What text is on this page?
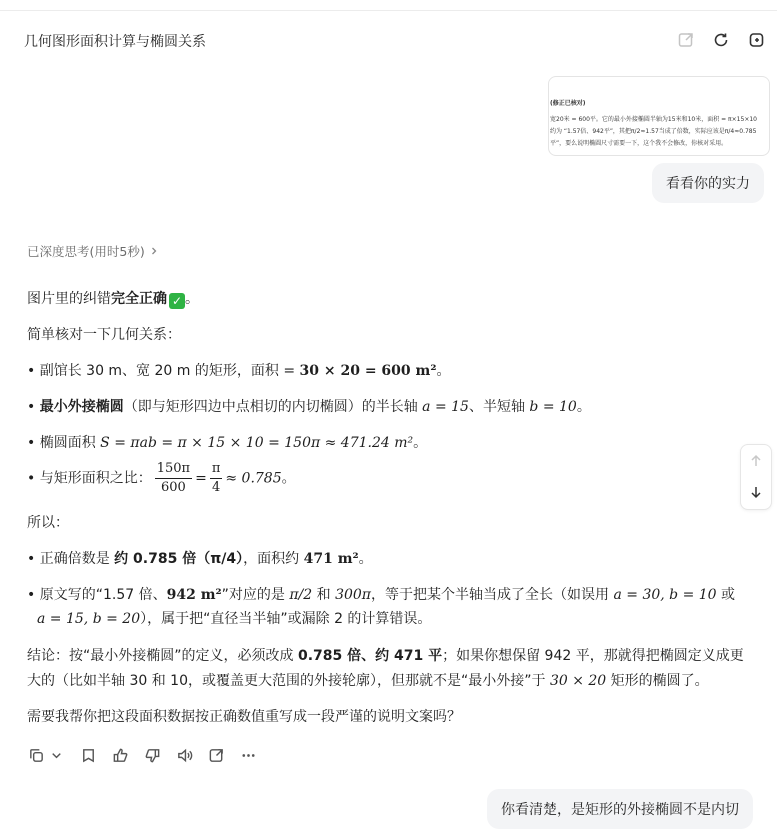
几何图形面积计算与椭圆关系
(修正已核对)
宽20米 = 600平。它的最小外接椭圆半轴为15米和10米，面积 = π×15×10
约为 “1.57倍、942平”，其把π/2≈1.57当成了倍数，实际应该是π/4≈0.785
平”，要么说明椭圆尺寸需要一下，这个我不会修改，你核对采用。
看看你的实力
已深度思考(用时5秒)
图片里的纠错完全正确 ✓ 。
简单核对一下几何关系：
• 副馆长 30 m、宽 20 m 的矩形，面积 = 30 × 20 = 600 m²。
• 最小外接椭圆（即与矩形四边中点相切的内切椭圆）的半长轴 a = 15、半短轴 b = 10。
• 椭圆面积 S = πab = π × 15 × 10 = 150π ≈ 471.24 m²。
• 与矩形面积之比： $\frac{150\pi}{600} = \frac{\pi}{4} \approx 0.785$。
所以：
• 正确倍数是 约 0.785 倍（π/4），面积约 471 m²。
• 原文写的“1.57 倍、942 m²”对应的是 π/2 和 300π，等于把某个半轴当成了全长（如误用 a = 30, b = 10 或
a = 15, b = 20），属于把“直径当半轴”或漏除 2 的计算错误。
结论：按“最小外接椭圆”的定义，必须改成 0.785 倍、约 471 平；如果你想保留 942 平，那就得把椭圆定义成更
大的（比如半轴 30 和 10，或覆盖更大范围的外接轮廓），但那就不是“最小外接”于 30 × 20 矩形的椭圆了。
需要我帮你把这段面积数据按正确数值重写成一段严谨的说明文案吗？
你看清楚，是矩形的外接椭圆不是内切
